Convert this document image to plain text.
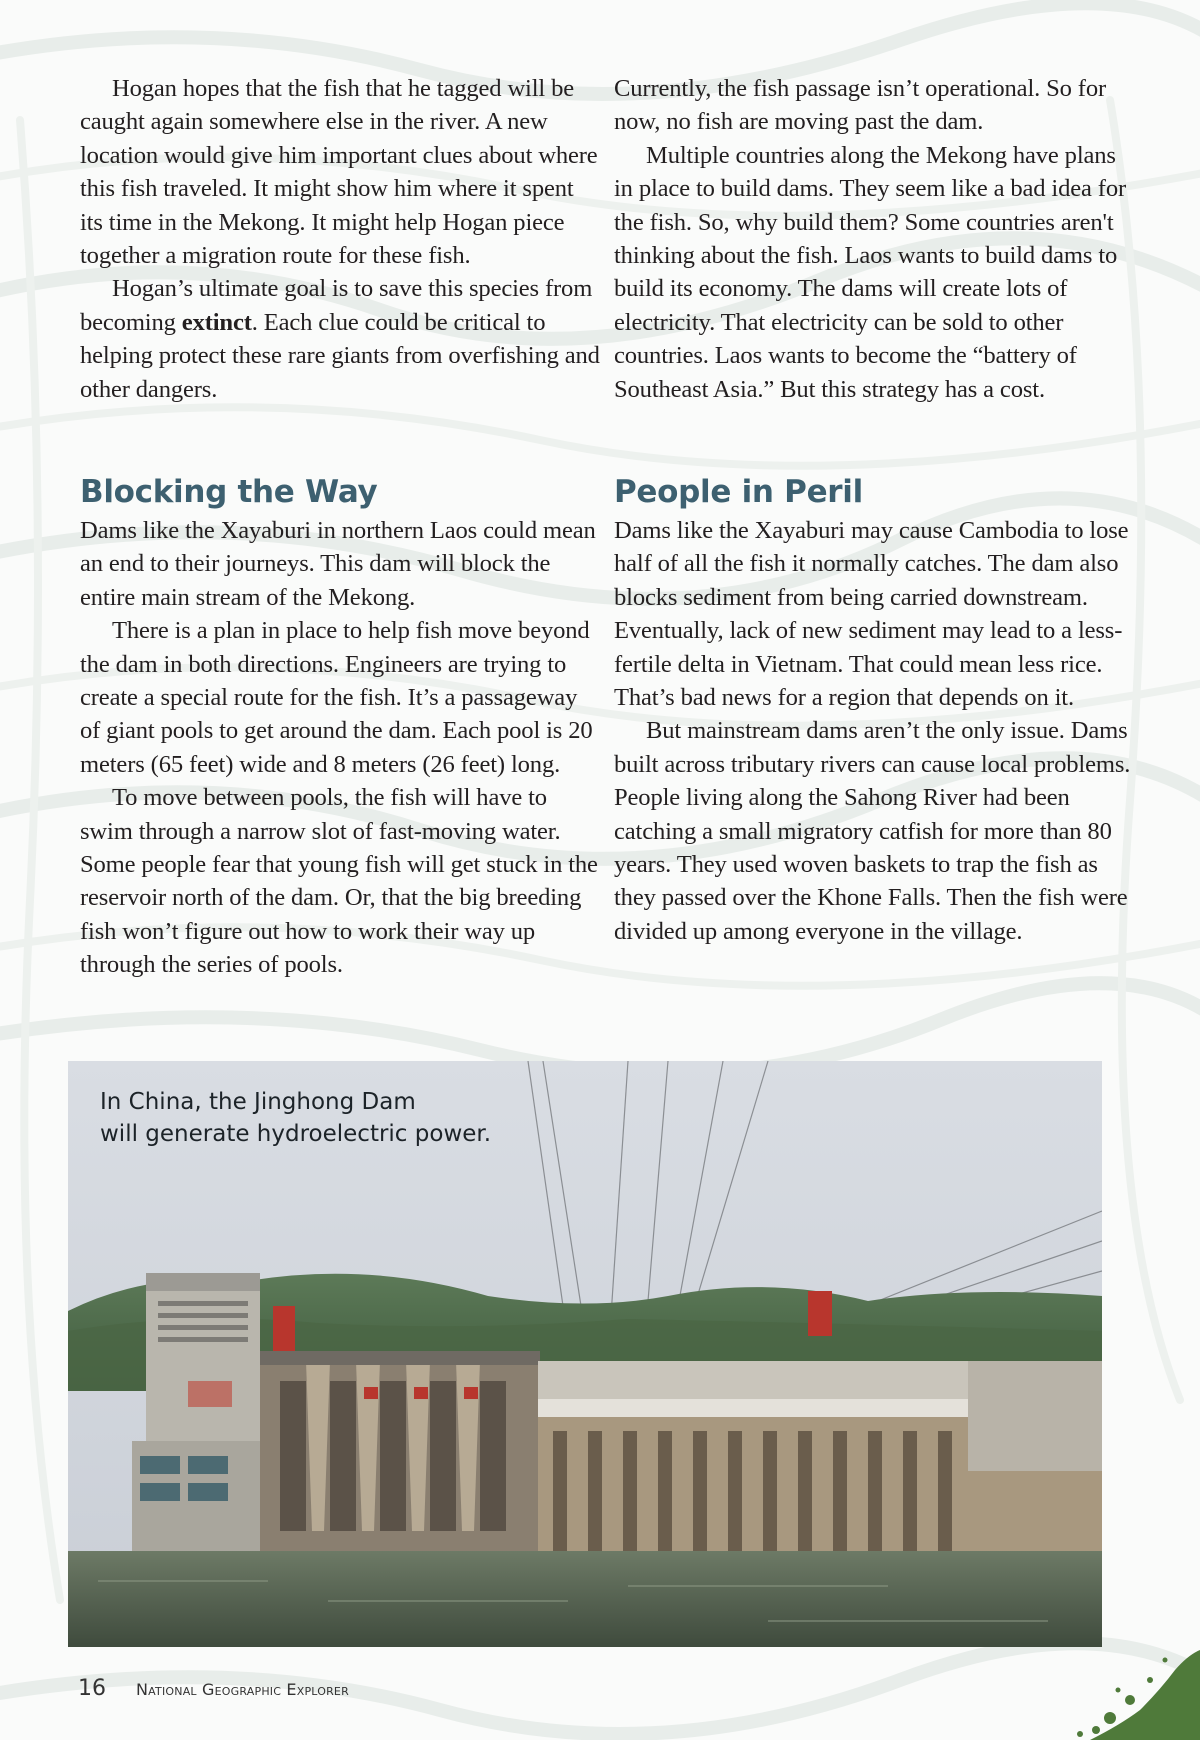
Hogan hopes that the fish that he tagged will be caught again somewhere else in the river. A new location would give him important clues about where this fish traveled. It might show him where it spent its time in the Mekong. It might help Hogan piece together a migration route for these fish.

Hogan’s ultimate goal is to save this species from becoming extinct. Each clue could be critical to helping protect these rare giants from overfishing and other dangers.

Currently, the fish passage isn’t operational. So for now, no fish are moving past the dam.

Multiple countries along the Mekong have plans in place to build dams. They seem like a bad idea for the fish. So, why build them? Some countries aren't thinking about the fish. Laos wants to build dams to build its economy. The dams will create lots of electricity. That electricity can be sold to other countries. Laos wants to become the “battery of Southeast Asia.” But this strategy has a cost.

Blocking the Way

Dams like the Xayaburi in northern Laos could mean an end to their journeys. This dam will block the entire main stream of the Mekong.

There is a plan in place to help fish move beyond the dam in both directions. Engineers are trying to create a special route for the fish. It’s a passageway of giant pools to get around the dam. Each pool is 20 meters (65 feet) wide and 8 meters (26 feet) long.

To move between pools, the fish will have to swim through a narrow slot of fast-moving water. Some people fear that young fish will get stuck in the reservoir north of the dam. Or, that the big breeding fish won’t figure out how to work their way up through the series of pools.

People in Peril

Dams like the Xayaburi may cause Cambodia to lose half of all the fish it normally catches. The dam also blocks sediment from being carried downstream. Eventually, lack of new sediment may lead to a less-fertile delta in Vietnam. That could mean less rice. That’s bad news for a region that depends on it.

But mainstream dams aren’t the only issue. Dams built across tributary rivers can cause local problems. People living along the Sahong River had been catching a small migratory catfish for more than 80 years. They used woven baskets to trap the fish as they passed over the Khone Falls. Then the fish were divided up among everyone in the village.

In China, the Jinghong Dam
will generate hydroelectric power.
16 National Geographic Explorer
